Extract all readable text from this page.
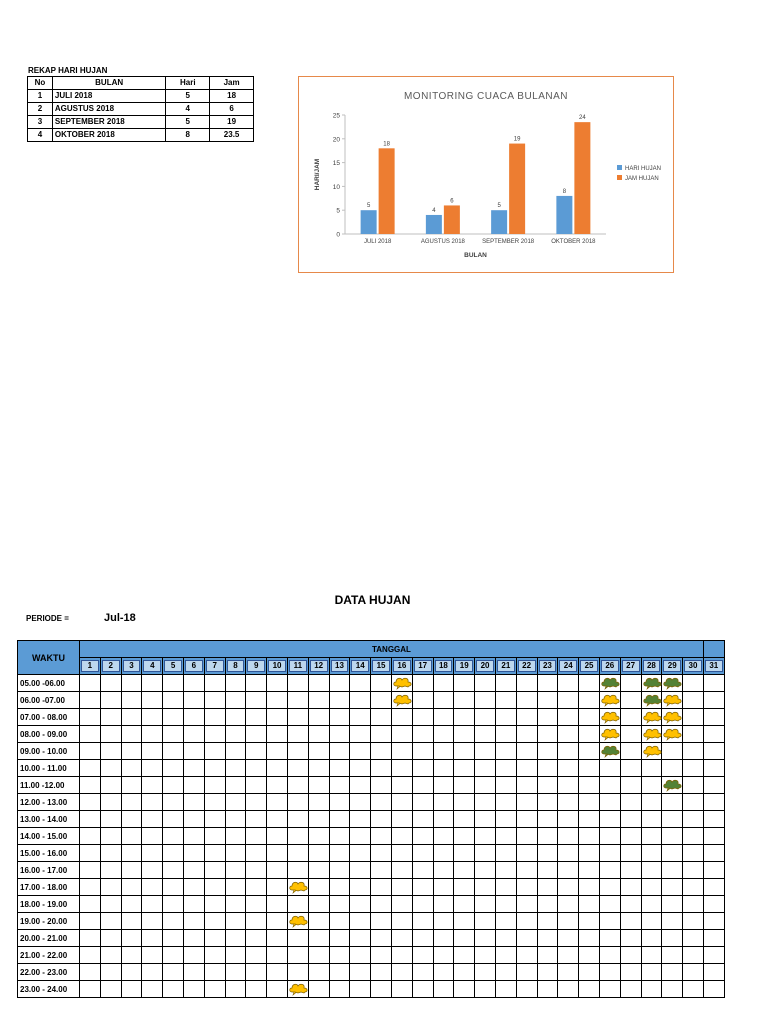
REKAP HARI HUJAN
No	BULAN	Hari	Jam
1	JULI 2018	5	18
2	AGUSTUS 2018	4	6
3	SEPTEMBER 2018	5	19
4	OKTOBER 2018	8	23.5
MONITORING CUACA BULANAN
0
5
10
15
20
25
HARI/JAM
BULAN
JULI 2018
5
18
AGUSTUS 2018
4
6
SEPTEMBER 2018
5
19
OKTOBER 2018
8
24
HARI HUJAN
JAM HUJAN
DATA HUJAN
PERIODE =	Jul-18
WAKTU	TANGGAL																														

	1	2	3	4	5	6	7	8	9	10	11	12	13	14	15	16	17	18	19	20	21	22	23	24	25	26	27	28	29	30	31

05.00 -06.00																

06.00 -07.00																

07.00 - 08.00																										

08.00 - 09.00																										

09.00 - 10.00																										

10.00 - 11.00																															
11.00 -12.00																													

12.00 - 13.00																															
13.00 - 14.00																															
14.00 - 15.00																															
15.00 - 16.00																															
16.00 - 17.00																															
17.00 - 18.00											

18.00 - 19.00																															
19.00 - 20.00											

20.00 - 21.00																															
21.00 - 22.00																															
22.00 - 23.00																															
23.00 - 24.00											
